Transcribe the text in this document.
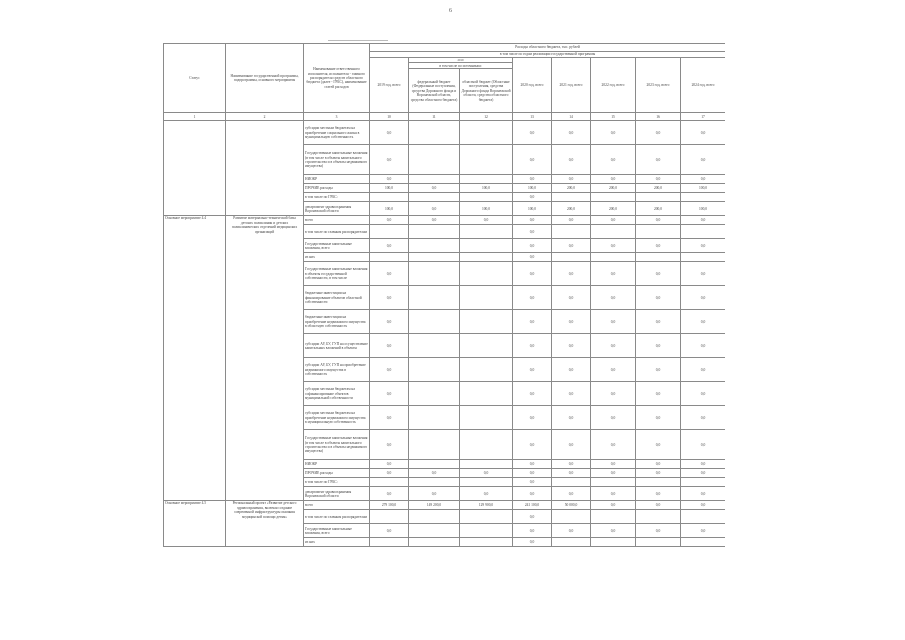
6
Статус	Наименование государственной программы, подпрограммы, основного мероприятия	Наименование ответственного исполнителя, исполнителя - главного распорядителя средств областного бюджета (далее - ГРБС), наименование статей расходов	Расходы областного бюджета, тыс. рублей							
			в том числе по годам реализации государственной программы							
			2019 год, всего	2019		2020 год, всего	2021 год, всего	2022 год, всего	2023 год, всего	2024 год, всего
				в том числе по источникам:						
				федеральный бюджет (Федеральные поступления, средства Дорожного фонда и Воронежской области, средства областного бюджета)	областной бюджет (Областные поступления, средства Дорожного фонда Воронежской области, средства областного бюджета)					
1	2	3	10	11	12	13	14	15	16	17
		субсидии местным бюджетам на приобретение социального жилья в муниципальную собственность	0,0			0,0	0,0	0,0	0,0	0,0
		Государственные капитальные вложения (в том числе в объекты капитального строительства и в объекты недвижимого имущества)	0,0			0,0	0,0	0,0	0,0	0,0
		НИОКР	0,0			0,0	0,0	0,0	0,0	0,0
		ПРОЧИЕ расходы	100,0	0,0	100,0	100,0	200,0	200,0	200,0	100,0
		в том числе по ГРБС:				0,0				
		департамент здравоохранения Воронежской области	100,0	0,0	100,0	100,0	200,0	200,0	200,0	100,0
Основное мероприятие 4.4	Развитие материально-технической базы детских поликлиник и детских поликлинических отделений медицинских организаций	всего	0,0	0,0	0,0	0,0	0,0	0,0	0,0	0,0
		в том числе по главным распорядителям				0,0				
		Государственные капитальные вложения, всего	0,0			0,0	0,0	0,0	0,0	0,0
		из них				0,0				
		Государственные капитальные вложения в объекты государственной собственности, в том числе	0,0			0,0	0,0	0,0	0,0	0,0
		бюджетные инвестиции на финансирование объектов областной собственности	0,0			0,0	0,0	0,0	0,0	0,0
		бюджетные инвестиции на приобретение недвижимого имущества в областную собственность	0,0			0,0	0,0	0,0	0,0	0,0
		субсидии АУ, БУ, ГУП на осуществление капитальных вложений в объекты	0,0			0,0	0,0	0,0	0,0	0,0
		субсидии АУ, БУ, ГУП на приобретение недвижимого имущества в собственность	0,0			0,0	0,0	0,0	0,0	0,0
		субсидии местным бюджетам на софинансирование объектов муниципальной собственности	0,0			0,0	0,0	0,0	0,0	0,0
		субсидии местным бюджетам на приобретение недвижимого имущества в муниципальную собственность	0,0			0,0	0,0	0,0	0,0	0,0
		Государственные капитальные вложения (в том числе в объекты капитального строительства и в объекты недвижимого имущества)	0,0			0,0	0,0	0,0	0,0	0,0
		НИОКР	0,0			0,0	0,0	0,0	0,0	0,0
		ПРОЧИЕ расходы	0,0	0,0	0,0	0,0	0,0	0,0	0,0	0,0
		в том числе по ГРБС:				0,0				
		департамент здравоохранения Воронежской области	0,0	0,0	0,0	0,0	0,0	0,0	0,0	0,0
Основное мероприятие 4.5	Региональный проект «Развитие детского здравоохранения, включая создание современной инфраструктуры оказания медицинской помощи детям»	всего	279 100,0	149 200,0	129 900,0	241 100,0	50 000,0	0,0	0,0	0,0
		в том числе по главным распорядителям				0,0				
		Государственные капитальные вложения, всего	0,0			0,0	0,0	0,0	0,0	0,0
		из них				0,0				
